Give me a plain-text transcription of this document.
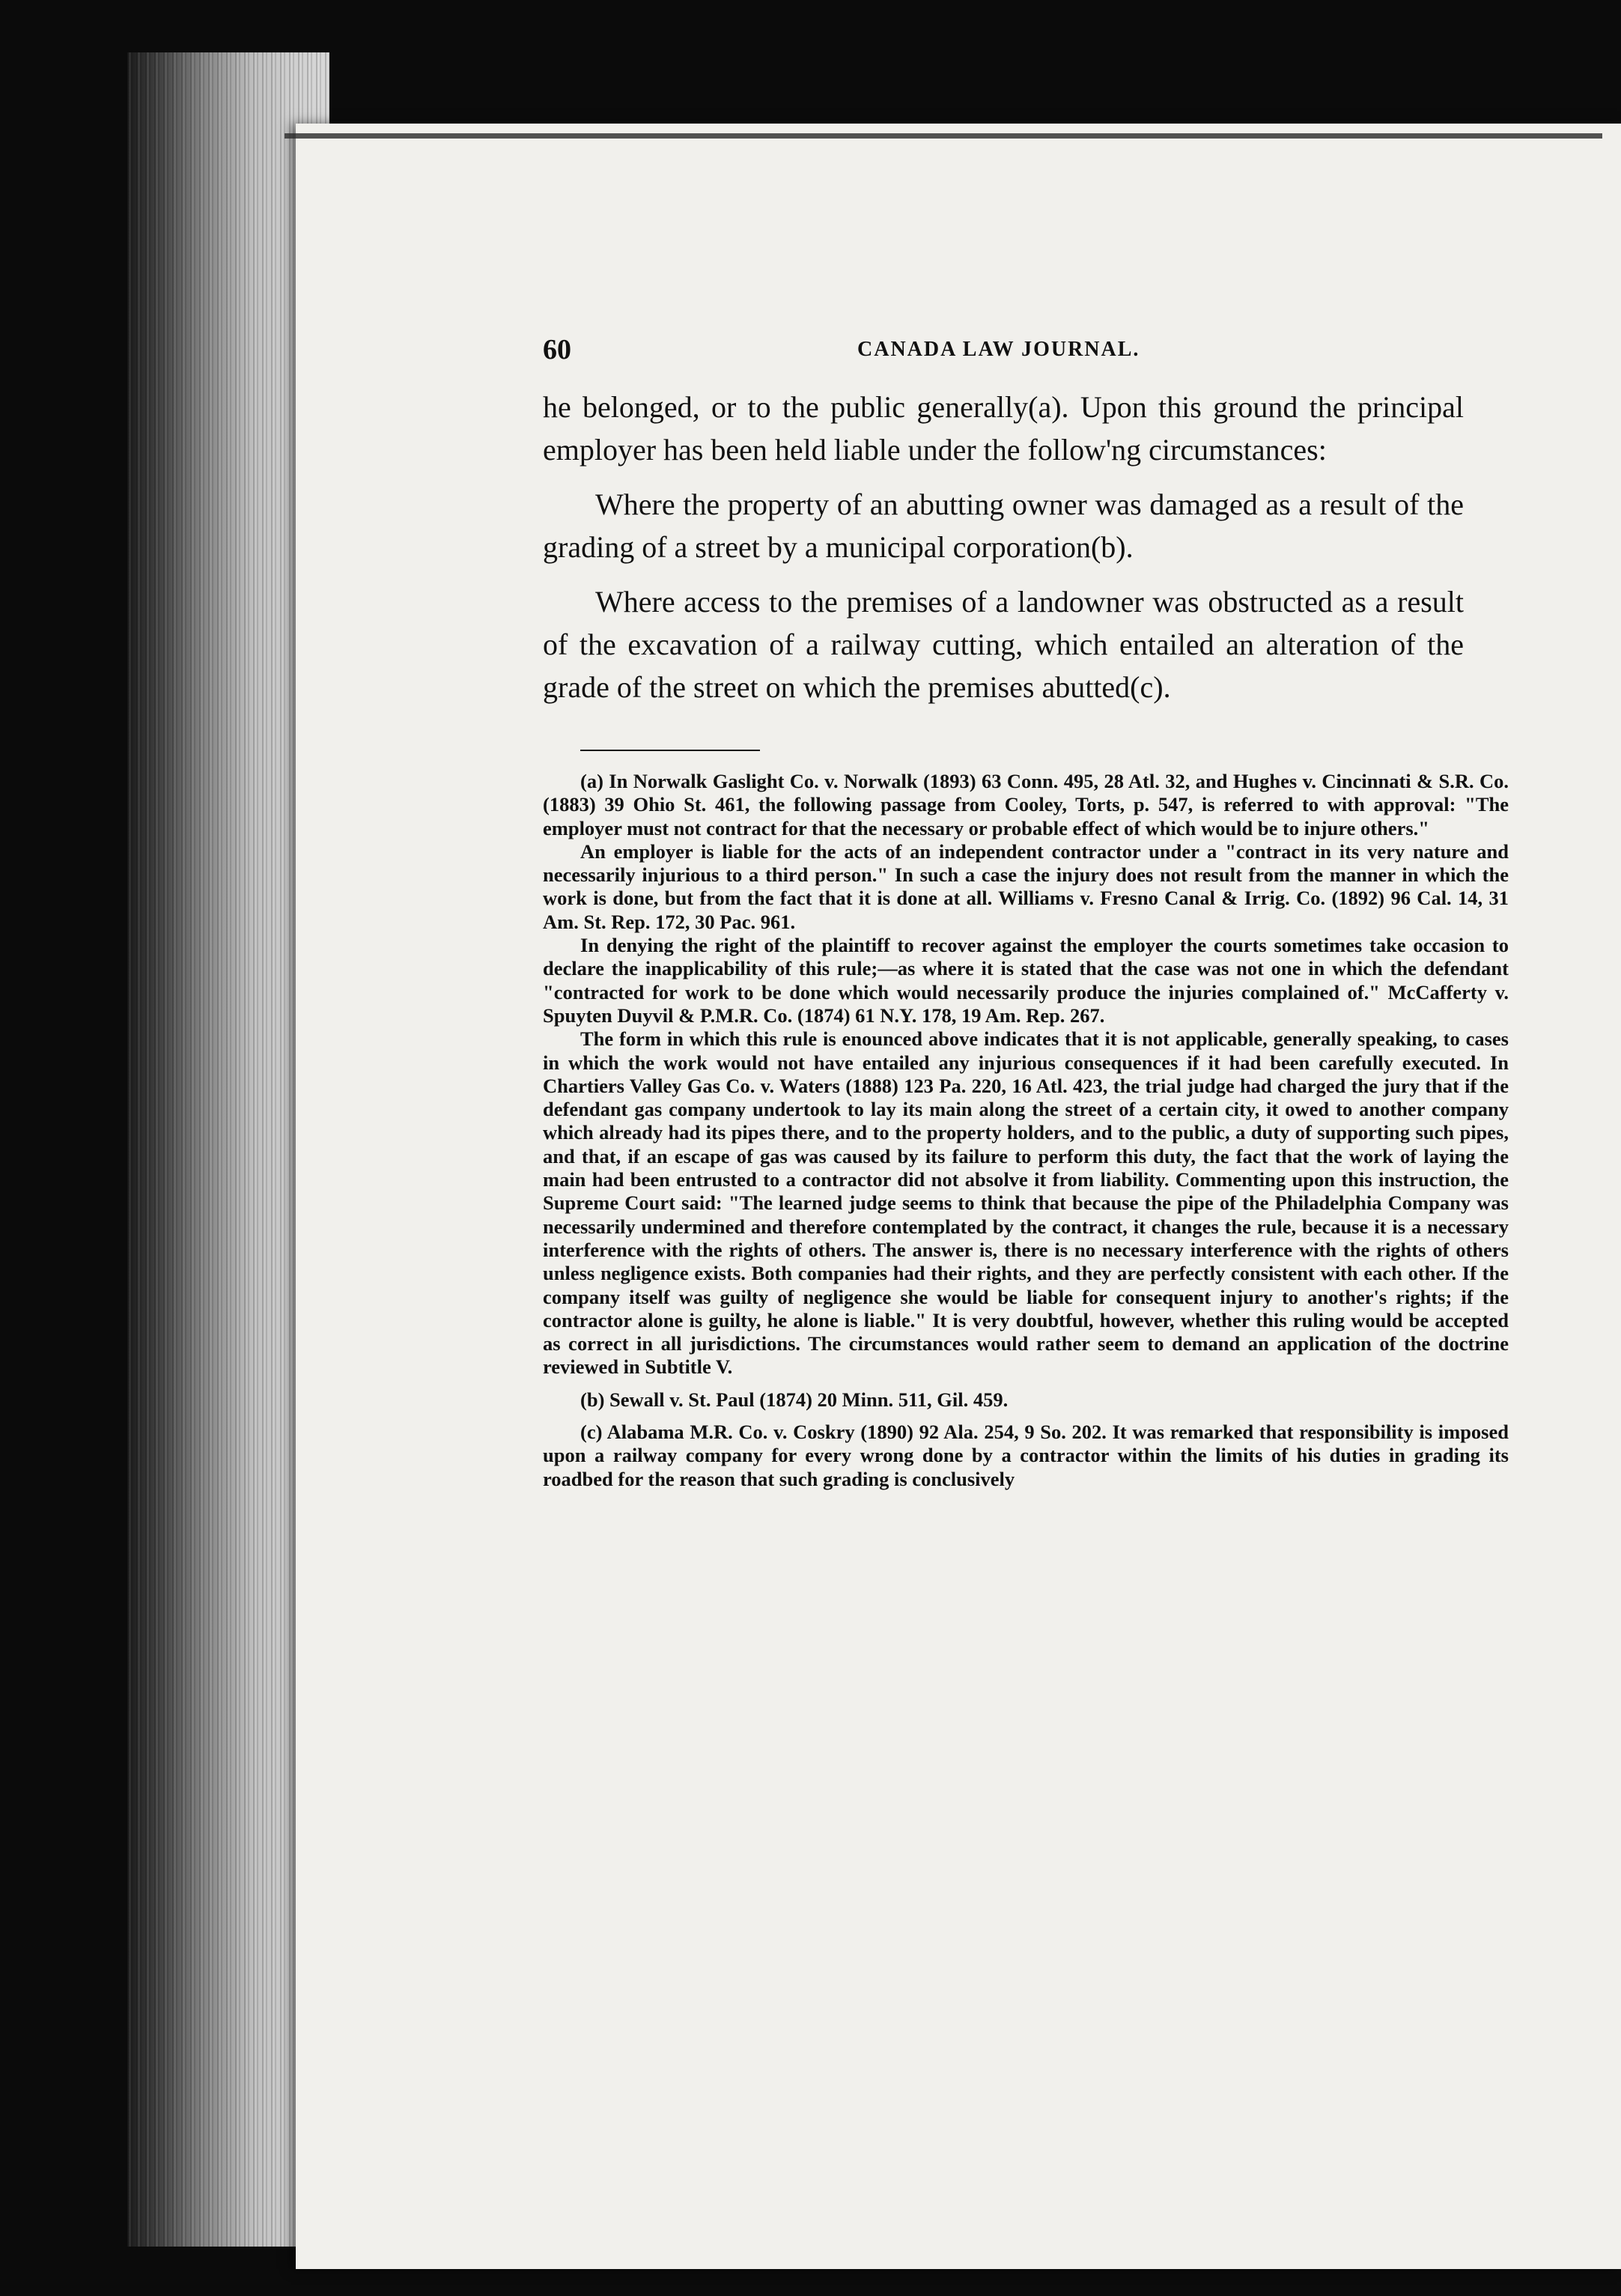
60	CANADA LAW JOURNAL.

he belonged, or to the public generally(a). Upon this ground the principal employer has been held liable under the follow'ng circumstances:

Where the property of an abutting owner was damaged as a result of the grading of a street by a municipal corporation(b).

Where access to the premises of a landowner was obstructed as a result of the excavation of a railway cutting, which entailed an alteration of the grade of the street on which the premises abutted(c).

(a) In Norwalk Gaslight Co. v. Norwalk (1893) 63 Conn. 495, 28 Atl. 32, and Hughes v. Cincinnati & S.R. Co. (1883) 39 Ohio St. 461, the following passage from Cooley, Torts, p. 547, is referred to with approval: "The employer must not contract for that the necessary or probable effect of which would be to injure others."

An employer is liable for the acts of an independent contractor under a "contract in its very nature and necessarily injurious to a third person." In such a case the injury does not result from the manner in which the work is done, but from the fact that it is done at all. Williams v. Fresno Canal & Irrig. Co. (1892) 96 Cal. 14, 31 Am. St. Rep. 172, 30 Pac. 961.

In denying the right of the plaintiff to recover against the employer the courts sometimes take occasion to declare the inapplicability of this rule;—as where it is stated that the case was not one in which the defendant "contracted for work to be done which would necessarily produce the injuries complained of." McCafferty v. Spuyten Duyvil & P.M.R. Co. (1874) 61 N.Y. 178, 19 Am. Rep. 267.

The form in which this rule is enounced above indicates that it is not applicable, generally speaking, to cases in which the work would not have entailed any injurious consequences if it had been carefully executed. In Chartiers Valley Gas Co. v. Waters (1888) 123 Pa. 220, 16 Atl. 423, the trial judge had charged the jury that if the defendant gas company undertook to lay its main along the street of a certain city, it owed to another company which already had its pipes there, and to the property holders, and to the public, a duty of supporting such pipes, and that, if an escape of gas was caused by its failure to perform this duty, the fact that the work of laying the main had been entrusted to a contractor did not absolve it from liability. Commenting upon this instruction, the Supreme Court said: "The learned judge seems to think that because the pipe of the Philadelphia Company was necessarily undermined and therefore contemplated by the contract, it changes the rule, because it is a necessary interference with the rights of others. The answer is, there is no necessary interference with the rights of others unless negligence exists. Both companies had their rights, and they are perfectly consistent with each other. If the company itself was guilty of negligence she would be liable for consequent injury to another's rights; if the contractor alone is guilty, he alone is liable." It is very doubtful, however, whether this ruling would be accepted as correct in all jurisdictions. The circumstances would rather seem to demand an application of the doctrine reviewed in Subtitle V.

(b) Sewall v. St. Paul (1874) 20 Minn. 511, Gil. 459.

(c) Alabama M.R. Co. v. Coskry (1890) 92 Ala. 254, 9 So. 202. It was remarked that responsibility is imposed upon a railway company for every wrong done by a contractor within the limits of his duties in grading its roadbed for the reason that such grading is conclusively
